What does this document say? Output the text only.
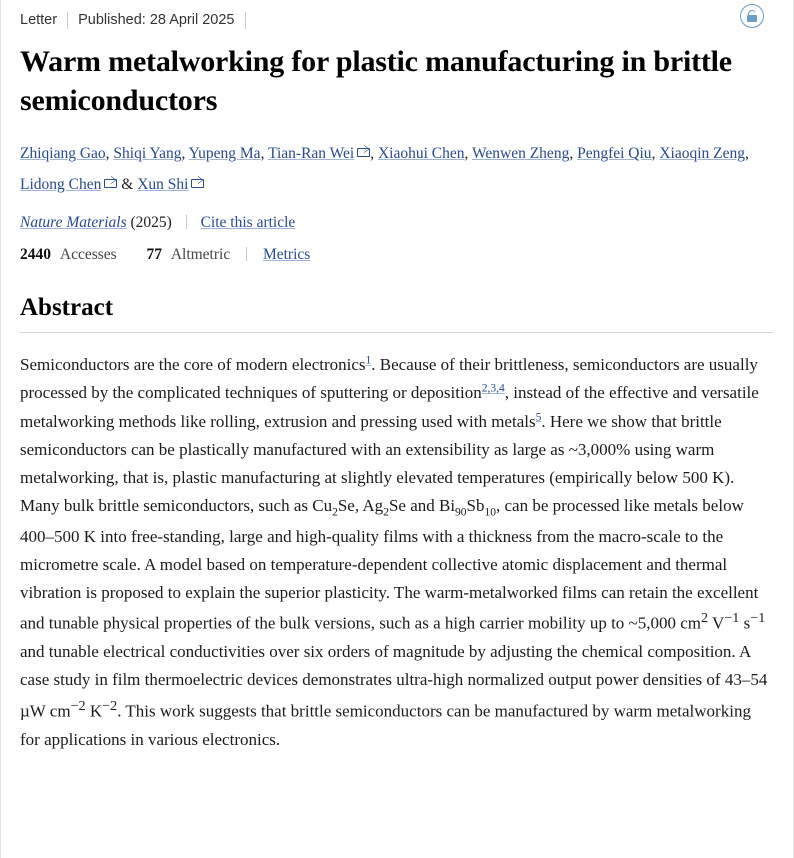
Letter	Published: 28 April 2025
Warm metalworking for plastic manufacturing in brittle semiconductors
Zhiqiang Gao, Shiqi Yang, Yupeng Ma, Tian-Ran Wei , Xiaohui Chen, Wenwen Zheng, Pengfei Qiu, Xiaoqin Zeng, Lidong Chen & Xun Shi
Nature Materials (2025) Cite this article
2440 Accesses 77 Altmetric Metrics
Abstract
Semiconductors are the core of modern electronics$^1$. Because of their brittleness, semiconductors are usually processed by the complicated techniques of sputtering or deposition$^{2,3,4}$, instead of the effective and versatile metalworking methods like rolling, extrusion and pressing used with metals$^5$. Here we show that brittle semiconductors can be plastically manufactured with an extensibility as large as ~3,000% using warm metalworking, that is, plastic manufacturing at slightly elevated temperatures (empirically below 500 K). Many bulk brittle semiconductors, such as $Cu_2Se$, $Ag_2Se$ and $Bi_{90}Sb_{10}$, can be processed like metals below 400–500 K into free-standing, large and high-quality films with a thickness from the macro-scale to the micrometre scale. A model based on temperature-dependent collective atomic displacement and thermal vibration is proposed to explain the superior plasticity. The warm-metalworked films can retain the excellent and tunable physical properties of the bulk versions, such as a high carrier mobility up to ~5,000 $cm^2$ $V^{-1}$ $s^{-1}$ and tunable electrical conductivities over six orders of magnitude by adjusting the chemical composition. A case study in film thermoelectric devices demonstrates ultra-high normalized output power densities of 43–54 µW $cm^{-2}$ $K^{-2}$. This work suggests that brittle semiconductors can be manufactured by warm metalworking for applications in various electronics.
